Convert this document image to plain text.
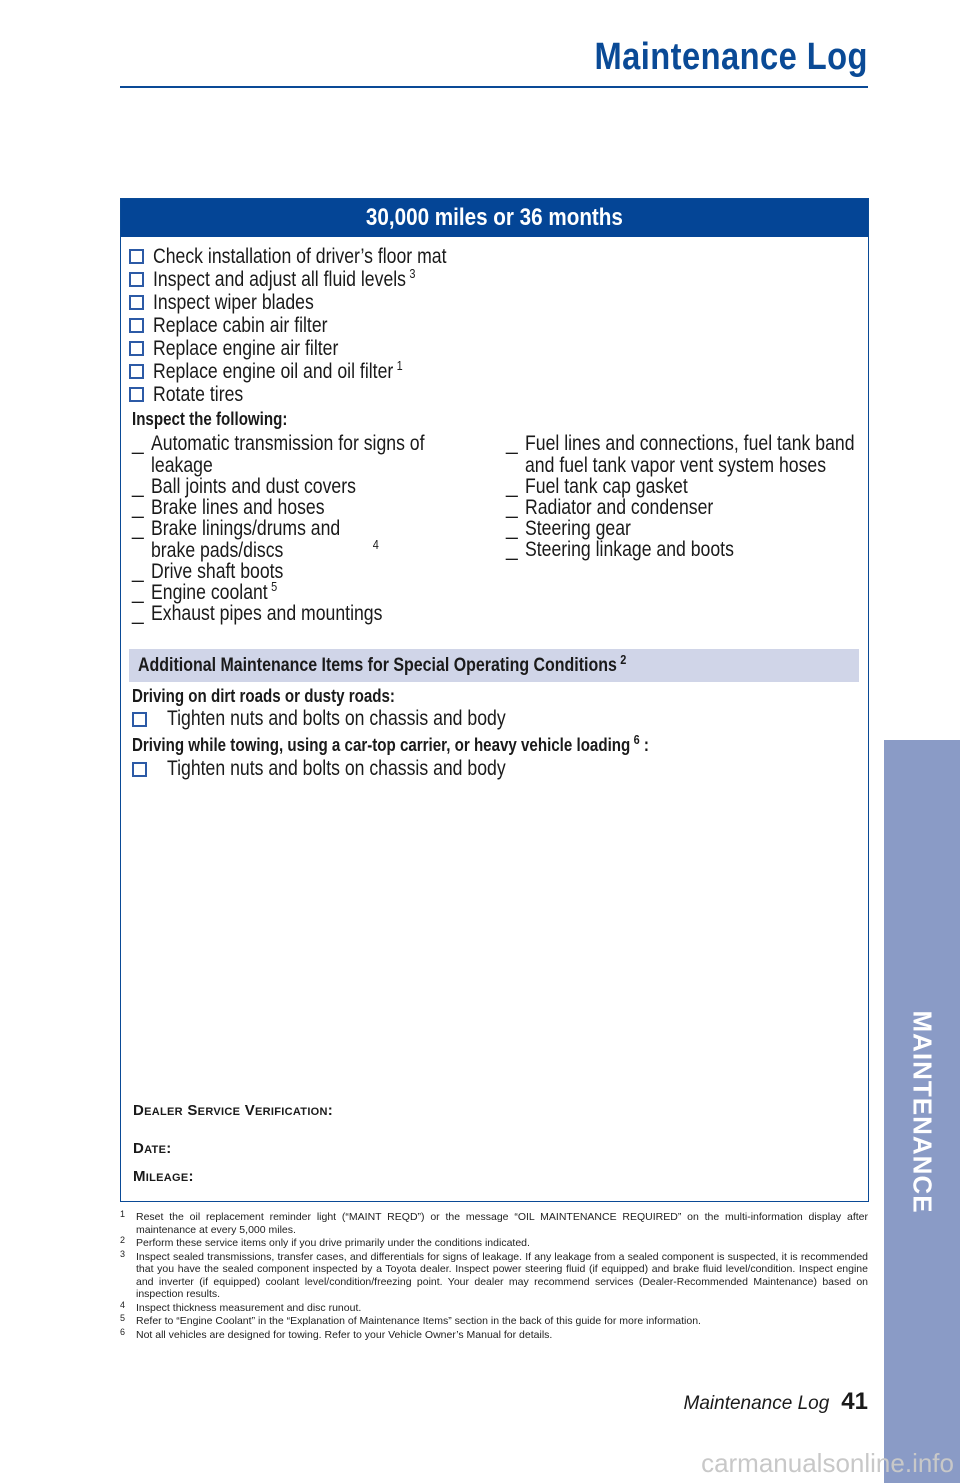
Maintenance Log
30,000 miles or 36 months
Check installation of driver’s floor mat
Inspect and adjust all fluid levels $^3$
Inspect wiper blades
Replace cabin air filter
Replace engine air filter
Replace engine oil and oil filter $^1$
Rotate tires
Inspect the following:
_ Automatic transmission for signs of leakage
_ Ball joints and dust covers
_ Brake lines and hoses
_ Brake linings/drums and brake pads/discs	$^4$
_ Drive shaft boots
_ Engine coolant $^5$
_ Exhaust pipes and mountings
_ Fuel lines and connections, fuel tank band and fuel tank vapor vent system hoses
_ Fuel tank cap gasket
_ Radiator and condenser
_ Steering gear
_ Steering linkage and boots
Additional Maintenance Items for Special Operating Conditions $^2$
Driving on dirt roads or dusty roads:
Tighten nuts and bolts on chassis and body
Driving while towing, using a car-top carrier, or heavy vehicle loading $^6$ :
Tighten nuts and bolts on chassis and body
Dealer Service Verification:
Date:
Mileage:
1	Reset the oil replacement reminder light (“MAINT REQD”) or the message “OIL MAINTENANCE REQUIRED” on the multi-information display after maintenance at every 5,000 miles.
2	Perform these service items only if you drive primarily under the conditions indicated.
3	Inspect sealed transmissions, transfer cases, and differentials for signs of leakage. If any leakage from a sealed component is suspected, it is recommended that you have the sealed component inspected by a Toyota dealer. Inspect power steering fluid (if equipped) and brake fluid level/condition. Inspect engine and inverter (if equipped) coolant level/condition/freezing point. Your dealer may recommend services (Dealer-Recommended Maintenance) based on inspection results.
4	Inspect thickness measurement and disc runout.
5	Refer to “Engine Coolant” in the “Explanation of Maintenance Items” section in the back of this guide for more information.
6	Not all vehicles are designed for towing. Refer to your Vehicle Owner’s Manual for details.
Maintenance Log 41
MAINTENANCE
carmanualsonline.info
